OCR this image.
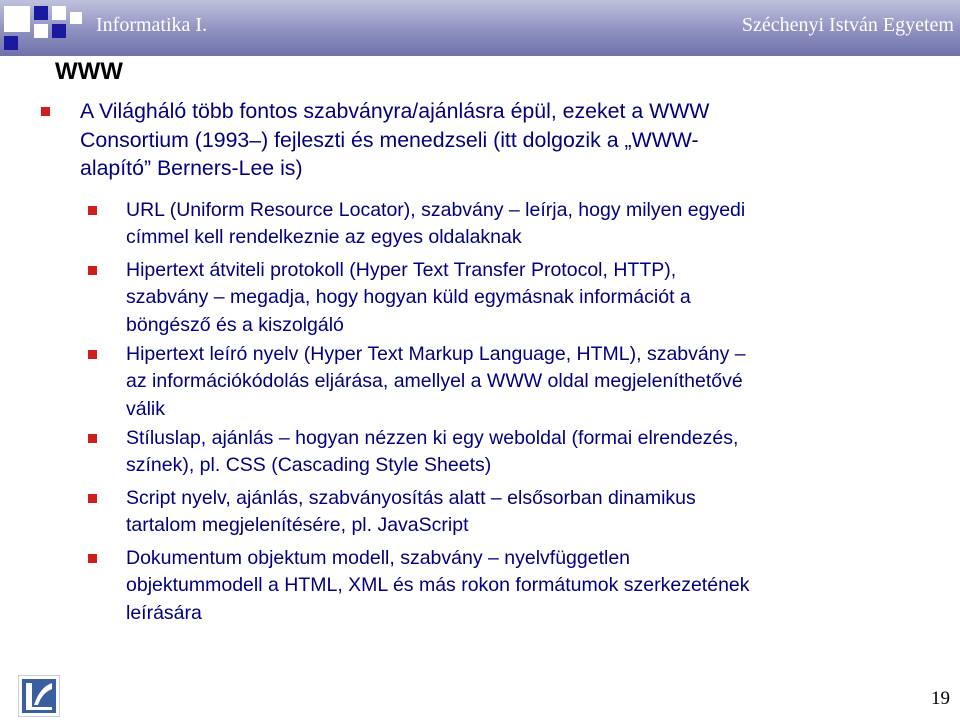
Informatika I.	Széchenyi István Egyetem
WWW
A Világháló több fontos szabványra/ajánlásra épül, ezeket a WWW
Consortium (1993–) fejleszti és menedzseli (itt dolgozik a „WWW-
alapító” Berners-Lee is)
URL (Uniform Resource Locator), szabvány – leírja, hogy milyen egyedi
címmel kell rendelkeznie az egyes oldalaknak
Hipertext átviteli protokoll (Hyper Text Transfer Protocol, HTTP),
szabvány – megadja, hogy hogyan küld egymásnak információt a
böngésző és a kiszolgáló
Hipertext leíró nyelv (Hyper Text Markup Language, HTML), szabvány –
az információkódolás eljárása, amellyel a WWW oldal megjeleníthetővé
válik
Stíluslap, ajánlás – hogyan nézzen ki egy weboldal (formai elrendezés,
színek), pl. CSS (Cascading Style Sheets)
Script nyelv, ajánlás, szabványosítás alatt – elsősorban dinamikus
tartalom megjelenítésére, pl. JavaScript
Dokumentum objektum modell, szabvány – nyelvfüggetlen
objektummodell a HTML, XML és más rokon formátumok szerkezetének
leírására
19
